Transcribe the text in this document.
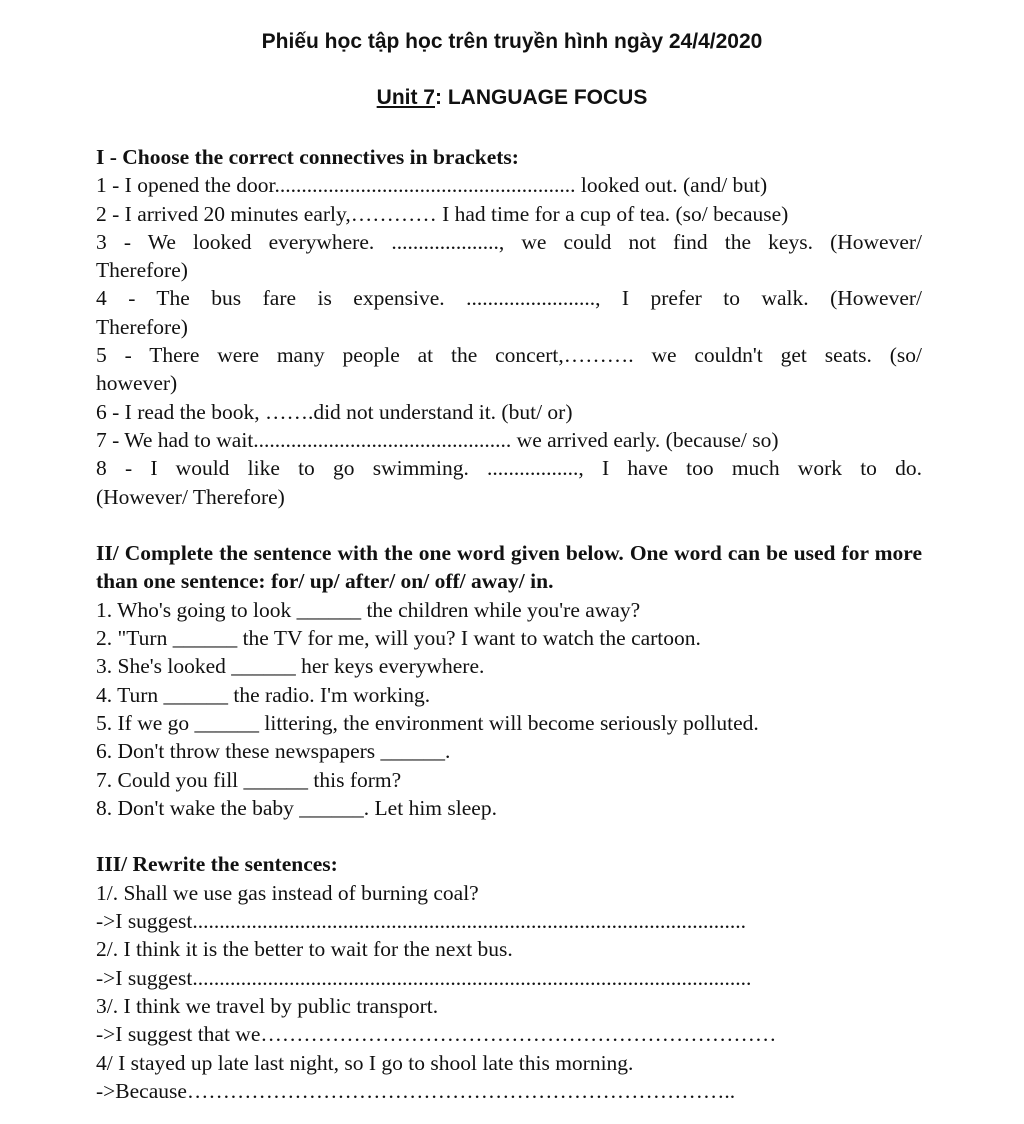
Phiếu học tập học trên truyền hình ngày 24/4/2020
Unit 7: LANGUAGE FOCUS
I - Choose the correct connectives in brackets:
1 - I opened the door........................................................ looked out. (and/ but)
2 - I arrived 20 minutes early,………… I had time for a cup of tea. (so/ because)
3 - We looked everywhere. ...................., we could not find the keys. (However/
Therefore)
4 - The bus fare is expensive. ........................, I prefer to walk. (However/
Therefore)
5 - There were many people at the concert,………. we couldn't get seats. (so/
however)
6 - I read the book, …….did not understand it. (but/ or)
7 - We had to wait................................................ we arrived early. (because/ so)
8 - I would like to go swimming. ................., I have too much work to do.
(However/ Therefore)
II/ Complete the sentence with the one word given below. One word can be used for more than one sentence: for/ up/ after/ on/ off/ away/ in.
1. Who's going to look ______ the children while you're away?
2. "Turn ______ the TV for me, will you? I want to watch the cartoon.
3. She's looked ______ her keys everywhere.
4. Turn ______ the radio. I'm working.
5. If we go ______ littering, the environment will become seriously polluted.
6. Don't throw these newspapers ______.
7. Could you fill ______ this form?
8. Don't wake the baby ______. Let him sleep.
III/ Rewrite the sentences:
1/. Shall we use gas instead of burning coal?
->I suggest.......................................................................................................
2/. I think it is the better to wait for the next bus.
->I suggest........................................................................................................
3/. I think we travel by public transport.
->I suggest that we………………………………………………………………
4/ I stayed up late last night, so I go to shool late this morning.
->Because…………………………………………………………………..
